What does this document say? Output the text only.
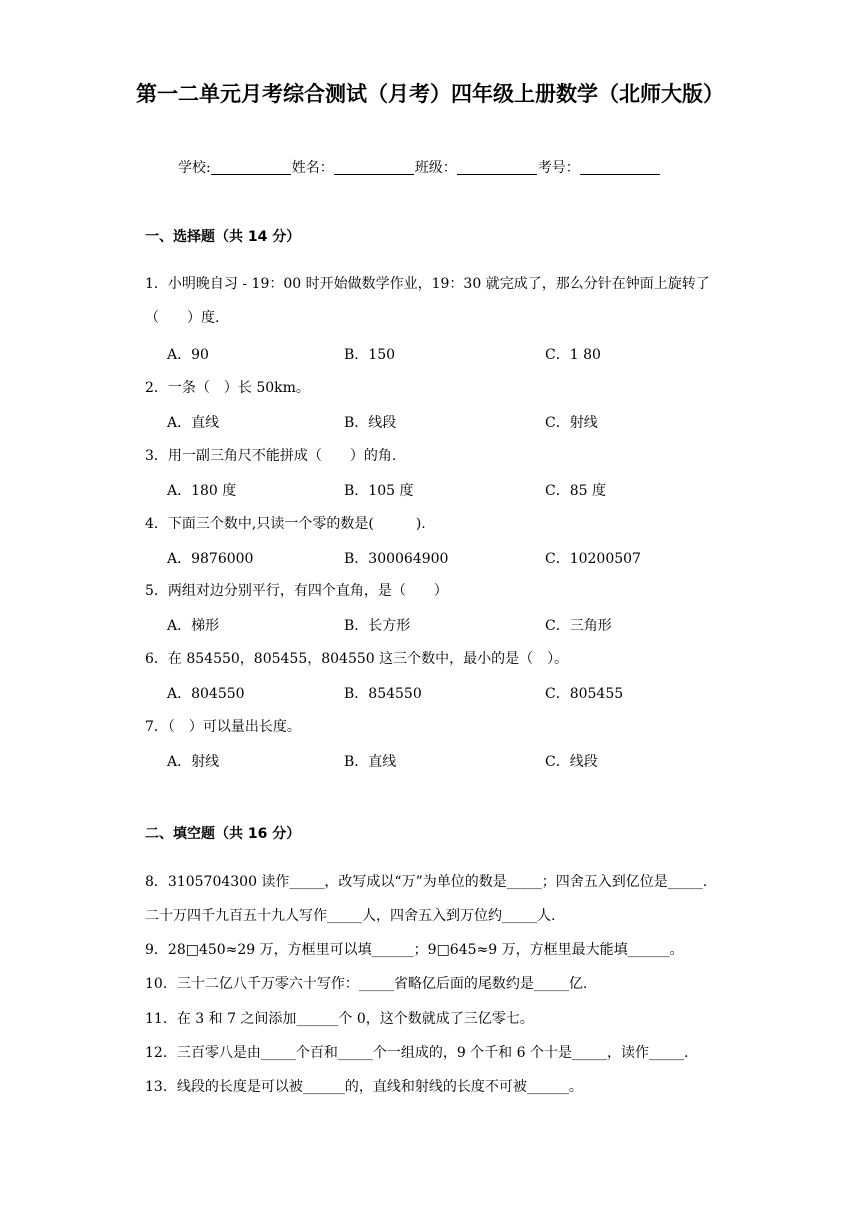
第一二单元月考综合测试（月考）四年级上册数学（北师大版）
学校:	姓名：	班级：	考号：
一、选择题（共 14 分）
1．小明晚自习 - 19：00 时开始做数学作业，19：30 就完成了，那么分针在钟面上旋转了（　　）度.
A．90	B．150	C．1 80
2．一条（　）长 50km。
A．直线	B．线段	C．射线
3．用一副三角尺不能拼成（　　）的角.
A．180 度	B．105 度	C．85 度
4．下面三个数中,只读一个零的数是(　　　).
A．9876000	B．300064900	C．10200507
5．两组对边分别平行，有四个直角，是（　　）
A．梯形	B．长方形	C．三角形
6．在 854550，805455，804550 这三个数中，最小的是（　）。
A．804550	B．854550	C．805455
7．（　）可以量出长度。
A．射线	B．直线	C．线段
二、填空题（共 16 分）
8．3105704300 读作_____，改写成以“万”为单位的数是_____；四舍五入到亿位是_____.
二十万四千九百五十九人写作_____人，四舍五入到万位约_____人.
9．28□450≈29 万，方框里可以填______；9□645≈9 万，方框里最大能填______。
10．三十二亿八千万零六十写作：_____省略亿后面的尾数约是_____亿.
11．在 3 和 7 之间添加______个 0，这个数就成了三亿零七。
12．三百零八是由_____个百和_____个一组成的，9 个千和 6 个十是_____，读作_____.
13．线段的长度是可以被______的，直线和射线的长度不可被______。
